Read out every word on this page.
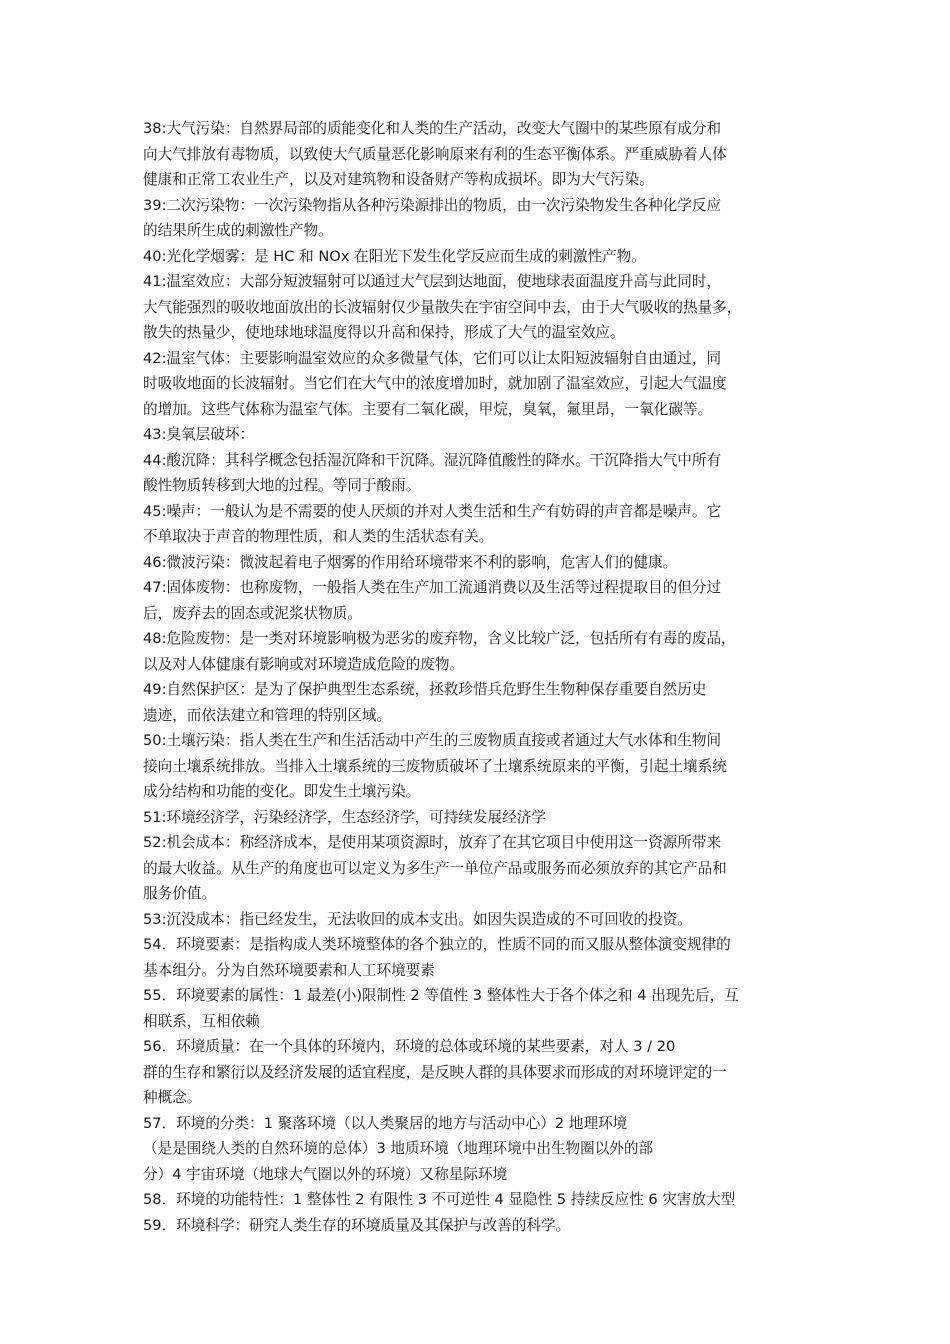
38:大气污染：自然界局部的质能变化和人类的生产活动，改变大气圈中的某些原有成分和
向大气排放有毒物质，以致使大气质量恶化影响原来有利的生态平衡体系。严重威胁着人体
健康和正常工农业生产，以及对建筑物和设备财产等构成损坏。即为大气污染。
39:二次污染物：一次污染物指从各种污染源排出的物质，由一次污染物发生各种化学反应
的结果所生成的刺激性产物。
40:光化学烟雾：是 HC 和 NOx 在阳光下发生化学反应而生成的刺激性产物。
41:温室效应：大部分短波辐射可以通过大气层到达地面，使地球表面温度升高与此同时，
大气能强烈的吸收地面放出的长波辐射仅少量散失在宇宙空间中去，由于大气吸收的热量多，
散失的热量少，使地球地球温度得以升高和保持，形成了大气的温室效应。
42:温室气体：主要影响温室效应的众多微量气体，它们可以让太阳短波辐射自由通过，同
时吸收地面的长波辐射。当它们在大气中的浓度增加时，就加剧了温室效应，引起大气温度
的增加。这些气体称为温室气体。主要有二氧化碳，甲烷，臭氧，氟里昂，一氧化碳等。
43:臭氧层破坏：
44:酸沉降：其科学概念包括湿沉降和干沉降。湿沉降值酸性的降水。干沉降指大气中所有
酸性物质转移到大地的过程。等同于酸雨。
45:噪声：一般认为是不需要的使人厌烦的并对人类生活和生产有妨碍的声音都是噪声。它
不单取决于声音的物理性质，和人类的生活状态有关。
46:微波污染：微波起着电子烟雾的作用给环境带来不利的影响，危害人们的健康。
47:固体废物：也称废物，一般指人类在生产加工流通消费以及生活等过程提取目的但分过
后，废弃去的固态或泥浆状物质。
48:危险废物：是一类对环境影响极为恶劣的废弃物，含义比较广泛，包括所有有毒的废品，
以及对人体健康有影响或对环境造成危险的废物。
49:自然保护区：是为了保护典型生态系统，拯救珍惜兵危野生生物种保存重要自然历史
遗迹，而依法建立和管理的特别区域。
50:土壤污染：指人类在生产和生活活动中产生的三废物质直接或者通过大气水体和生物间
接向土壤系统排放。当排入土壤系统的三废物质破坏了土壤系统原来的平衡，引起土壤系统
成分结构和功能的变化。即发生土壤污染。
51:环境经济学，污染经济学，生态经济学，可持续发展经济学
52:机会成本：称经济成本，是使用某项资源时，放弃了在其它项目中使用这一资源所带来
的最大收益。从生产的角度也可以定义为多生产一单位产品或服务而必须放弃的其它产品和
服务价值。
53:沉没成本：指已经发生，无法收回的成本支出。如因失误造成的不可回收的投资。
54．环境要素：是指构成人类环境整体的各个独立的，性质不同的而又服从整体演变规律的
基本组分。分为自然环境要素和人工环境要素
55．环境要素的属性：1 最差(小)限制性 2 等值性 3 整体性大于各个体之和 4 出现先后，互
相联系，互相依赖
56．环境质量：在一个具体的环境内，环境的总体或环境的某些要素，对人 3 / 20
群的生存和繁衍以及经济发展的适宜程度，是反映人群的具体要求而形成的对环境评定的一
种概念。
57．环境的分类：1 聚落环境（以人类聚居的地方与活动中心）2 地理环境
（是是围绕人类的自然环境的总体）3 地质环境（地理环境中出生物圈以外的部
分）4 宇宙环境（地球大气圈以外的环境）又称星际环境
58．环境的功能特性：1 整体性 2 有限性 3 不可逆性 4 显隐性 5 持续反应性 6 灾害放大型
59．环境科学：研究人类生存的环境质量及其保护与改善的科学。
